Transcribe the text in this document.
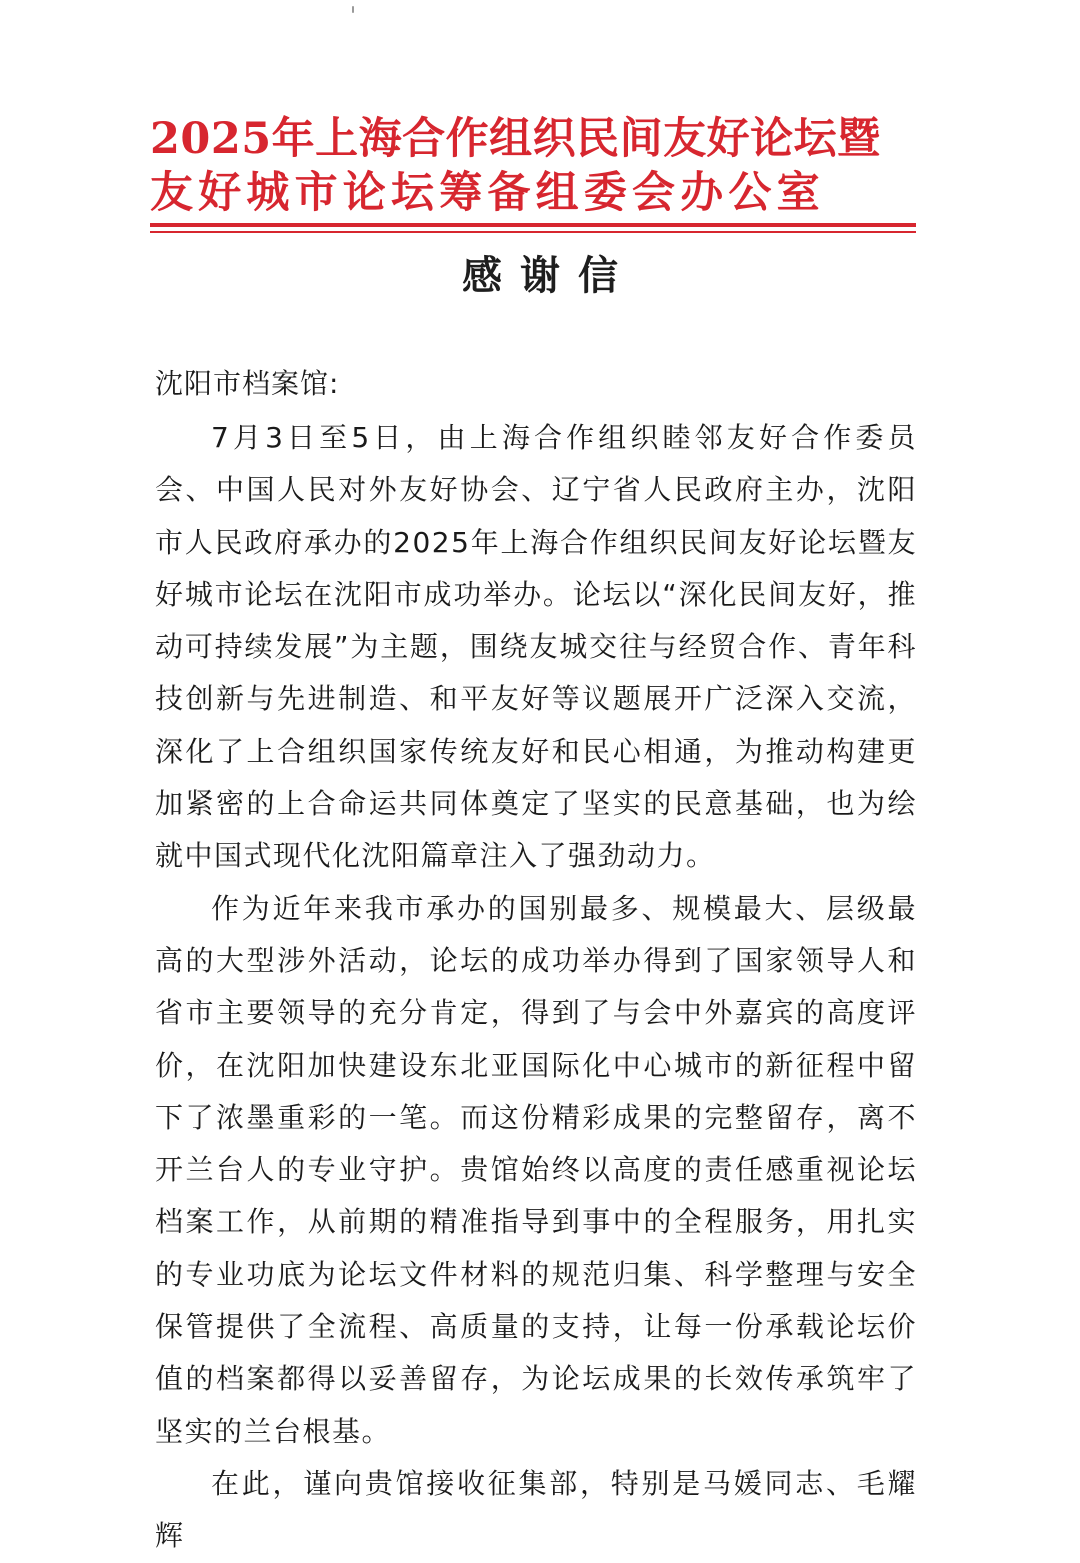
2025年上海合作组织民间友好论坛暨
友好城市论坛筹备组委会办公室
感谢信
沈阳市档案馆:

7月3日至5日，由上海合作组织睦邻友好合作委员会、中国人民对外友好协会、辽宁省人民政府主办，沈阳市人民政府承办的2025年上海合作组织民间友好论坛暨友好城市论坛在沈阳市成功举办。论坛以“深化民间友好，推动可持续发展”为主题，围绕友城交往与经贸合作、青年科技创新与先进制造、和平友好等议题展开广泛深入交流，深化了上合组织国家传统友好和民心相通，为推动构建更加紧密的上合命运共同体奠定了坚实的民意基础，也为绘就中国式现代化沈阳篇章注入了强劲动力。

作为近年来我市承办的国别最多、规模最大、层级最高的大型涉外活动，论坛的成功举办得到了国家领导人和省市主要领导的充分肯定，得到了与会中外嘉宾的高度评价，在沈阳加快建设东北亚国际化中心城市的新征程中留下了浓墨重彩的一笔。而这份精彩成果的完整留存，离不开兰台人的专业守护。贵馆始终以高度的责任感重视论坛档案工作，从前期的精准指导到事中的全程服务，用扎实的专业功底为论坛文件材料的规范归集、科学整理与安全保管提供了全流程、高质量的支持，让每一份承载论坛价值的档案都得以妥善留存，为论坛成果的长效传承筑牢了坚实的兰台根基。

在此，谨向贵馆接收征集部，特别是马媛同志、毛耀辉
